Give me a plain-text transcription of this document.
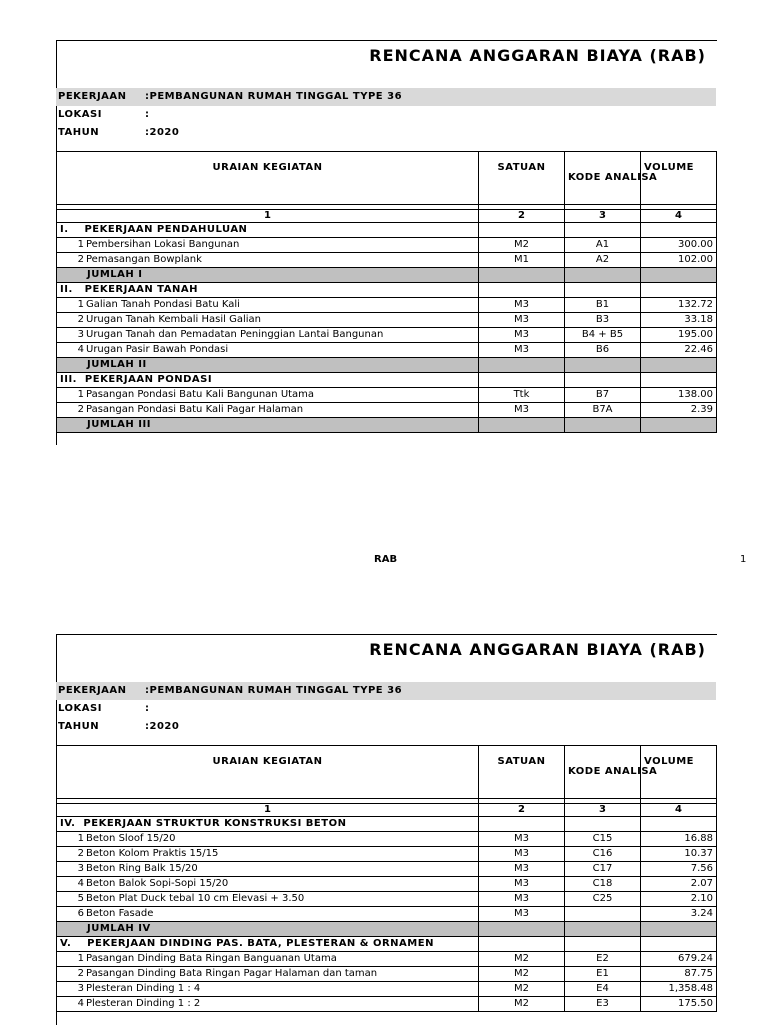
RENCANA ANGGARAN BIAYA (RAB)
PEKERJAAN :PEMBANGUNAN RUMAH TINGGAL TYPE 36
LOKASI	:
TAHUN	:2020
URAIAN KEGIATAN	SATUAN	KODE ANALISA	VOLUME

1	2	3	4
I.    PEKERJAAN PENDAHULUAN			
1 Pembersihan Lokasi Bangunan	M2	A1	300.00
2 Pemasangan Bowplank	M1	A2	102.00
JUMLAH I			
II.   PEKERJAAN TANAH			
1 Galian Tanah Pondasi Batu Kali	M3	B1	132.72
2 Urugan Tanah Kembali Hasil Galian	M3	B3	33.18
3 Urugan Tanah dan Pemadatan Peninggian Lantai Bangunan	M3	B4 + B5	195.00
4 Urugan Pasir Bawah Pondasi	M3	B6	22.46
JUMLAH II			
III.  PEKERJAAN PONDASI			
1 Pasangan Pondasi Batu Kali Bangunan Utama	Ttk	B7	138.00
2 Pasangan Pondasi Batu Kali Pagar Halaman	M3	B7A	2.39
JUMLAH III			
RAB	1
RENCANA ANGGARAN BIAYA (RAB)
PEKERJAAN :PEMBANGUNAN RUMAH TINGGAL TYPE 36
LOKASI	:
TAHUN	:2020
URAIAN KEGIATAN	SATUAN	KODE ANALISA	VOLUME

1	2	3	4
IV.  PEKERJAAN STRUKTUR KONSTRUKSI BETON			
1 Beton Sloof 15/20	M3	C15	16.88
2 Beton Kolom Praktis 15/15	M3	C16	10.37
3 Beton Ring Balk 15/20	M3	C17	7.56
4 Beton Balok Sopi-Sopi 15/20	M3	C18	2.07
5 Beton Plat Duck tebal 10 cm Elevasi + 3.50	M3	C25	2.10
6 Beton Fasade	M3		3.24
JUMLAH IV			
V.    PEKERJAAN DINDING PAS. BATA, PLESTERAN & ORNAMEN			
1 Pasangan Dinding Bata Ringan Banguanan Utama	M2	E2	679.24
2 Pasangan Dinding Bata Ringan Pagar Halaman dan taman	M2	E1	87.75
3 Plesteran Dinding 1 : 4	M2	E4	1,358.48
4 Plesteran Dinding 1 : 2	M2	E3	175.50
